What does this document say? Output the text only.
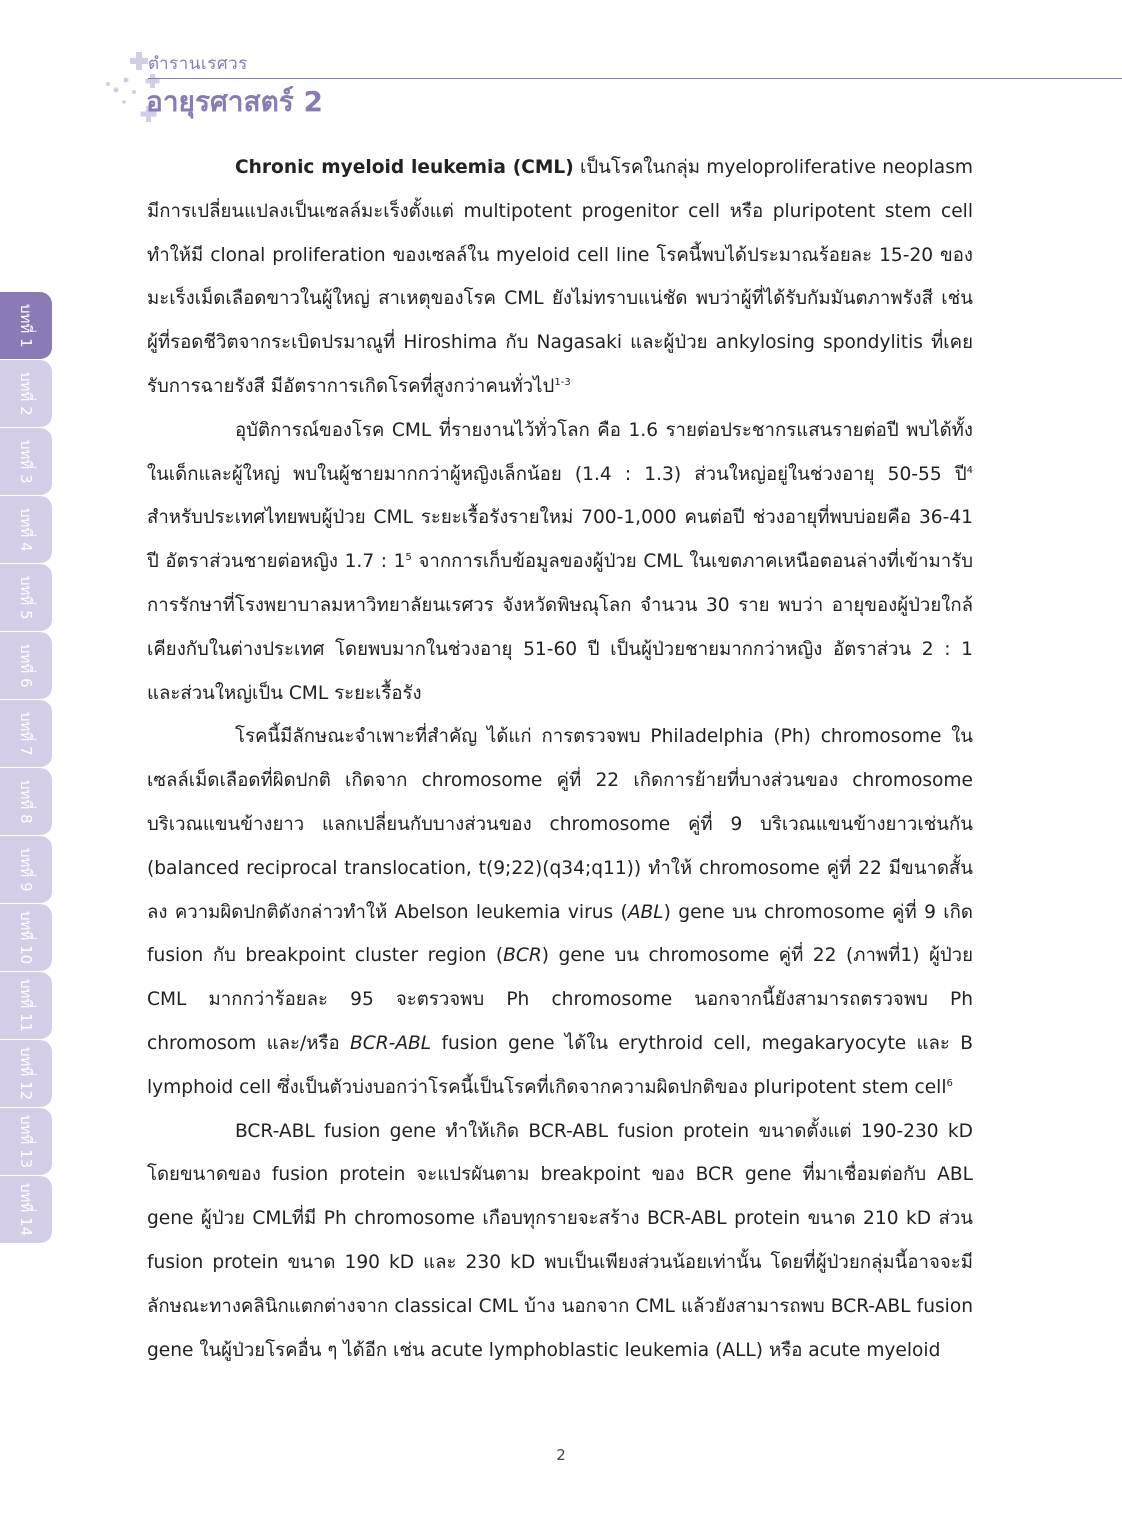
ตำรานเรศวร
อายุรศาสตร์ 2
บทที่ 1
บทที่ 2
บทที่ 3
บทที่ 4
บทที่ 5
บทที่ 6
บทที่ 7
บทที่ 8
บทที่ 9
บทที่ 10
บทที่ 11
บทที่ 12
บทที่ 13
บทที่ 14

Chronic myeloid leukemia (CML) เป็นโรคในกลุ่ม myeloproliferative neoplasm มีการเปลี่ยนแปลงเป็นเซลล์มะเร็งตั้งแต่ multipotent progenitor cell หรือ pluripotent stem cell ทำให้มี clonal proliferation ของเซลล์ใน myeloid cell line โรคนี้พบได้ประมาณร้อยละ 15-20 ของมะเร็งเม็ดเลือดขาวในผู้ใหญ่ สาเหตุของโรค CML ยังไม่ทราบแน่ชัด พบว่าผู้ที่ได้รับกัมมันตภาพรังสี เช่น ผู้ที่รอดชีวิตจากระเบิดปรมาณูที่ Hiroshima กับ Nagasaki และผู้ป่วย ankylosing spondylitis ที่เคยรับการฉายรังสี มีอัตราการเกิดโรคที่สูงกว่าคนทั่วไป$^{1-3}$

อุบัติการณ์ของโรค CML ที่รายงานไว้ทั่วโลก คือ 1.6 รายต่อประชากรแสนรายต่อปี พบได้ทั้งในเด็กและผู้ใหญ่ พบในผู้ชายมากกว่าผู้หญิงเล็กน้อย (1.4 : 1.3) ส่วนใหญ่อยู่ในช่วงอายุ 50-55 ปี$^4$ สำหรับประเทศไทยพบผู้ป่วย CML ระยะเรื้อรังรายใหม่ 700-1,000 คนต่อปี ช่วงอายุที่พบบ่อยคือ 36-41 ปี อัตราส่วนชายต่อหญิง 1.7 : $1^5$ จากการเก็บข้อมูลของผู้ป่วย CML ในเขตภาคเหนือตอนล่างที่เข้ามารับการรักษาที่โรงพยาบาลมหาวิทยาลัยนเรศวร จังหวัดพิษณุโลก จำนวน 30 ราย พบว่า อายุของผู้ป่วยใกล้เคียงกับในต่างประเทศ โดยพบมากในช่วงอายุ 51-60 ปี เป็นผู้ป่วยชายมากกว่าหญิง อัตราส่วน 2 : 1 และส่วนใหญ่เป็น CML ระยะเรื้อรัง

โรคนี้มีลักษณะจำเพาะที่สำคัญ ได้แก่ การตรวจพบ Philadelphia (Ph) chromosome ในเซลล์เม็ดเลือดที่ผิดปกติ เกิดจาก chromosome คู่ที่ 22 เกิดการย้ายที่บางส่วนของ chromosome บริเวณแขนข้างยาว แลกเปลี่ยนกับบางส่วนของ chromosome คู่ที่ 9 บริเวณแขนข้างยาวเช่นกัน (balanced reciprocal translocation, t(9;22)(q34;q11)) ทำให้ chromosome คู่ที่ 22 มีขนาดสั้นลง ความผิดปกติดังกล่าวทำให้ Abelson leukemia virus (ABL) gene บน chromosome คู่ที่ 9 เกิด fusion กับ breakpoint cluster region (BCR) gene บน chromosome คู่ที่ 22 (ภาพที่1) ผู้ป่วย CML มากกว่าร้อยละ 95 จะตรวจพบ Ph chromosome นอกจากนี้ยังสามารถตรวจพบ Ph chromosom และ/หรือ BCR-ABL fusion gene ได้ใน erythroid cell, megakaryocyte และ B lymphoid cell ซึ่งเป็นตัวบ่งบอกว่าโรคนี้เป็นโรคที่เกิดจากความผิดปกติของ pluripotent stem cell$^6$

BCR-ABL fusion gene ทำให้เกิด BCR-ABL fusion protein ขนาดตั้งแต่ 190-230 kD โดยขนาดของ fusion protein จะแปรผันตาม breakpoint ของ BCR gene ที่มาเชื่อมต่อกับ ABL gene ผู้ป่วย CMLที่มี Ph chromosome เกือบทุกรายจะสร้าง BCR-ABL protein ขนาด 210 kD ส่วน fusion protein ขนาด 190 kD และ 230 kD พบเป็นเพียงส่วนน้อยเท่านั้น โดยที่ผู้ป่วยกลุ่มนี้อาจจะมีลักษณะทางคลินิกแตกต่างจาก classical CML บ้าง นอกจาก CML แล้วยังสามารถพบ BCR-ABL fusion gene ในผู้ป่วยโรคอื่น ๆ ได้อีก เช่น acute lymphoblastic leukemia (ALL) หรือ acute myeloid

2
